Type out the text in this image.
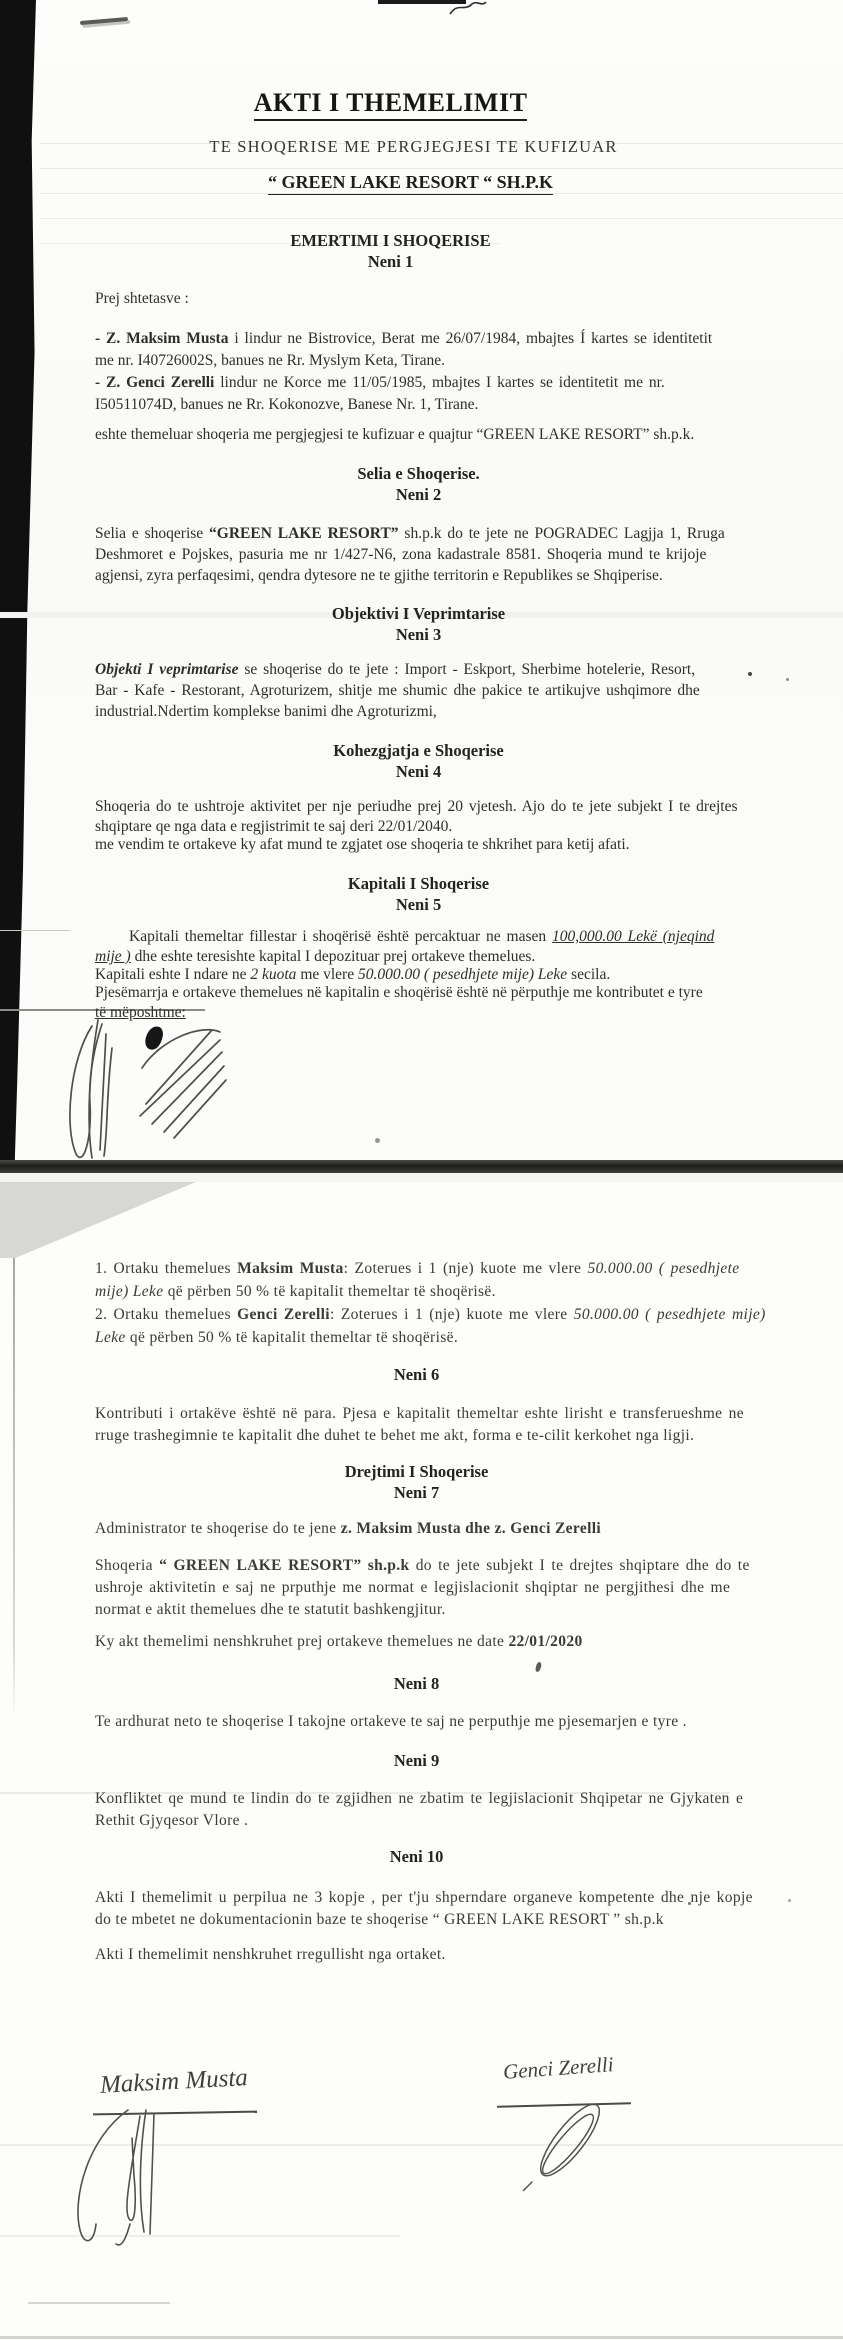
AKTI I THEMELIMIT
TE SHOQERISE ME PERGJEGJESI TE KUFIZUAR
“ GREEN LAKE RESORT “ SH.P.K
EMERTIMI I SHOQERISE
Neni 1
Prej shtetasve :
- Z. Maksim Musta i lindur ne Bistrovice, Berat me 26/07/1984, mbajtes Í kartes se identitetit
me nr. I40726002S, banues ne Rr. Myslym Keta, Tirane.
- Z. Genci Zerelli lindur ne Korce me 11/05/1985, mbajtes I kartes se identitetit me nr.
I50511074D, banues ne Rr. Kokonozve, Banese Nr. 1, Tirane.
eshte themeluar shoqeria me pergjegjesi te kufizuar e quajtur “GREEN LAKE RESORT” sh.p.k.
Selia e Shoqerise.
Neni 2
Selia e shoqerise “GREEN LAKE RESORT” sh.p.k do te jete ne POGRADEC Lagjja 1, Rruga
Deshmoret e Pojskes, pasuria me nr 1/427-N6, zona kadastrale 8581. Shoqeria mund te krijoje
agjensi, zyra perfaqesimi, qendra dytesore ne te gjithe territorin e Republikes se Shqiperise.
Objektivi I Veprimtarise
Neni 3
Objekti I veprimtarise se shoqerise do te jete : Import - Eskport, Sherbime hotelerie, Resort,
Bar - Kafe - Restorant, Agroturizem, shitje me shumic dhe pakice te artikujve ushqimore dhe
industrial.Ndertim komplekse banimi dhe Agroturizmi,
Kohezgjatja e Shoqerise
Neni 4
Shoqeria do te ushtroje aktivitet per nje periudhe prej 20 vjetesh. Ajo do te jete subjekt I te drejtes
shqiptare qe nga data e regjistrimit te saj deri 22/01/2040.
me vendim te ortakeve ky afat mund te zgjatet ose shoqeria te shkrihet para ketij afati.
Kapitali I Shoqerise
Neni 5
Kapitali themeltar fillestar i shoqërisë është percaktuar ne masen 100,000.00 Lekë (njeqind
mije ) dhe eshte teresishte kapital I depozituar prej ortakeve themelues.
Kapitali eshte I ndare ne 2 kuota me vlere 50.000.00 ( pesedhjete mije) Leke secila.
Pjesëmarrja e ortakeve themelues në kapitalin e shoqërisë është në përputhje me kontributet e tyre
të mëposhtme:
1. Ortaku themelues Maksim Musta: Zoterues i 1 (nje) kuote me vlere 50.000.00 ( pesedhjete
mije) Leke që përben 50 % të kapitalit themeltar të shoqërisë.
2. Ortaku themelues Genci Zerelli: Zoterues i 1 (nje) kuote me vlere 50.000.00 ( pesedhjete mije)
Leke që përben 50 % të kapitalit themeltar të shoqërisë.
Neni 6
Kontributi i ortakëve është në para. Pjesa e kapitalit themeltar eshte lirisht e transferueshme ne
rruge trashegimnie te kapitalit dhe duhet te behet me akt, forma e te-cilit kerkohet nga ligji.
Drejtimi I Shoqerise
Neni 7
Administrator te shoqerise do te jene z. Maksim Musta dhe z. Genci Zerelli
Shoqeria “ GREEN LAKE RESORT” sh.p.k do te jete subjekt I te drejtes shqiptare dhe do te
ushroje aktivitetin e saj ne prputhje me normat e legjislacionit shqiptar ne pergjithesi dhe me
normat e aktit themelues dhe te statutit bashkengjitur.
Ky akt themelimi nenshkruhet prej ortakeve themelues ne date 22/01/2020
Neni 8
Te ardhurat neto te shoqerise I takojne ortakeve te saj ne perputhje me pjesemarjen e tyre .
Neni 9
Konfliktet qe mund te lindin do te zgjidhen ne zbatim te legjislacionit Shqipetar ne Gjykaten e
Rethit Gjyqesor Vlore .
Neni 10
Akti I themelimit u perpilua ne 3 kopje , per t'ju shperndare organeve kompetente dhe nje kopje
do te mbetet ne dokumentacionin baze te shoqerise “ GREEN LAKE RESORT ” sh.p.k
Akti I themelimit nenshkruhet rregullisht nga ortaket.
Maksim Musta	Genci Zerelli
